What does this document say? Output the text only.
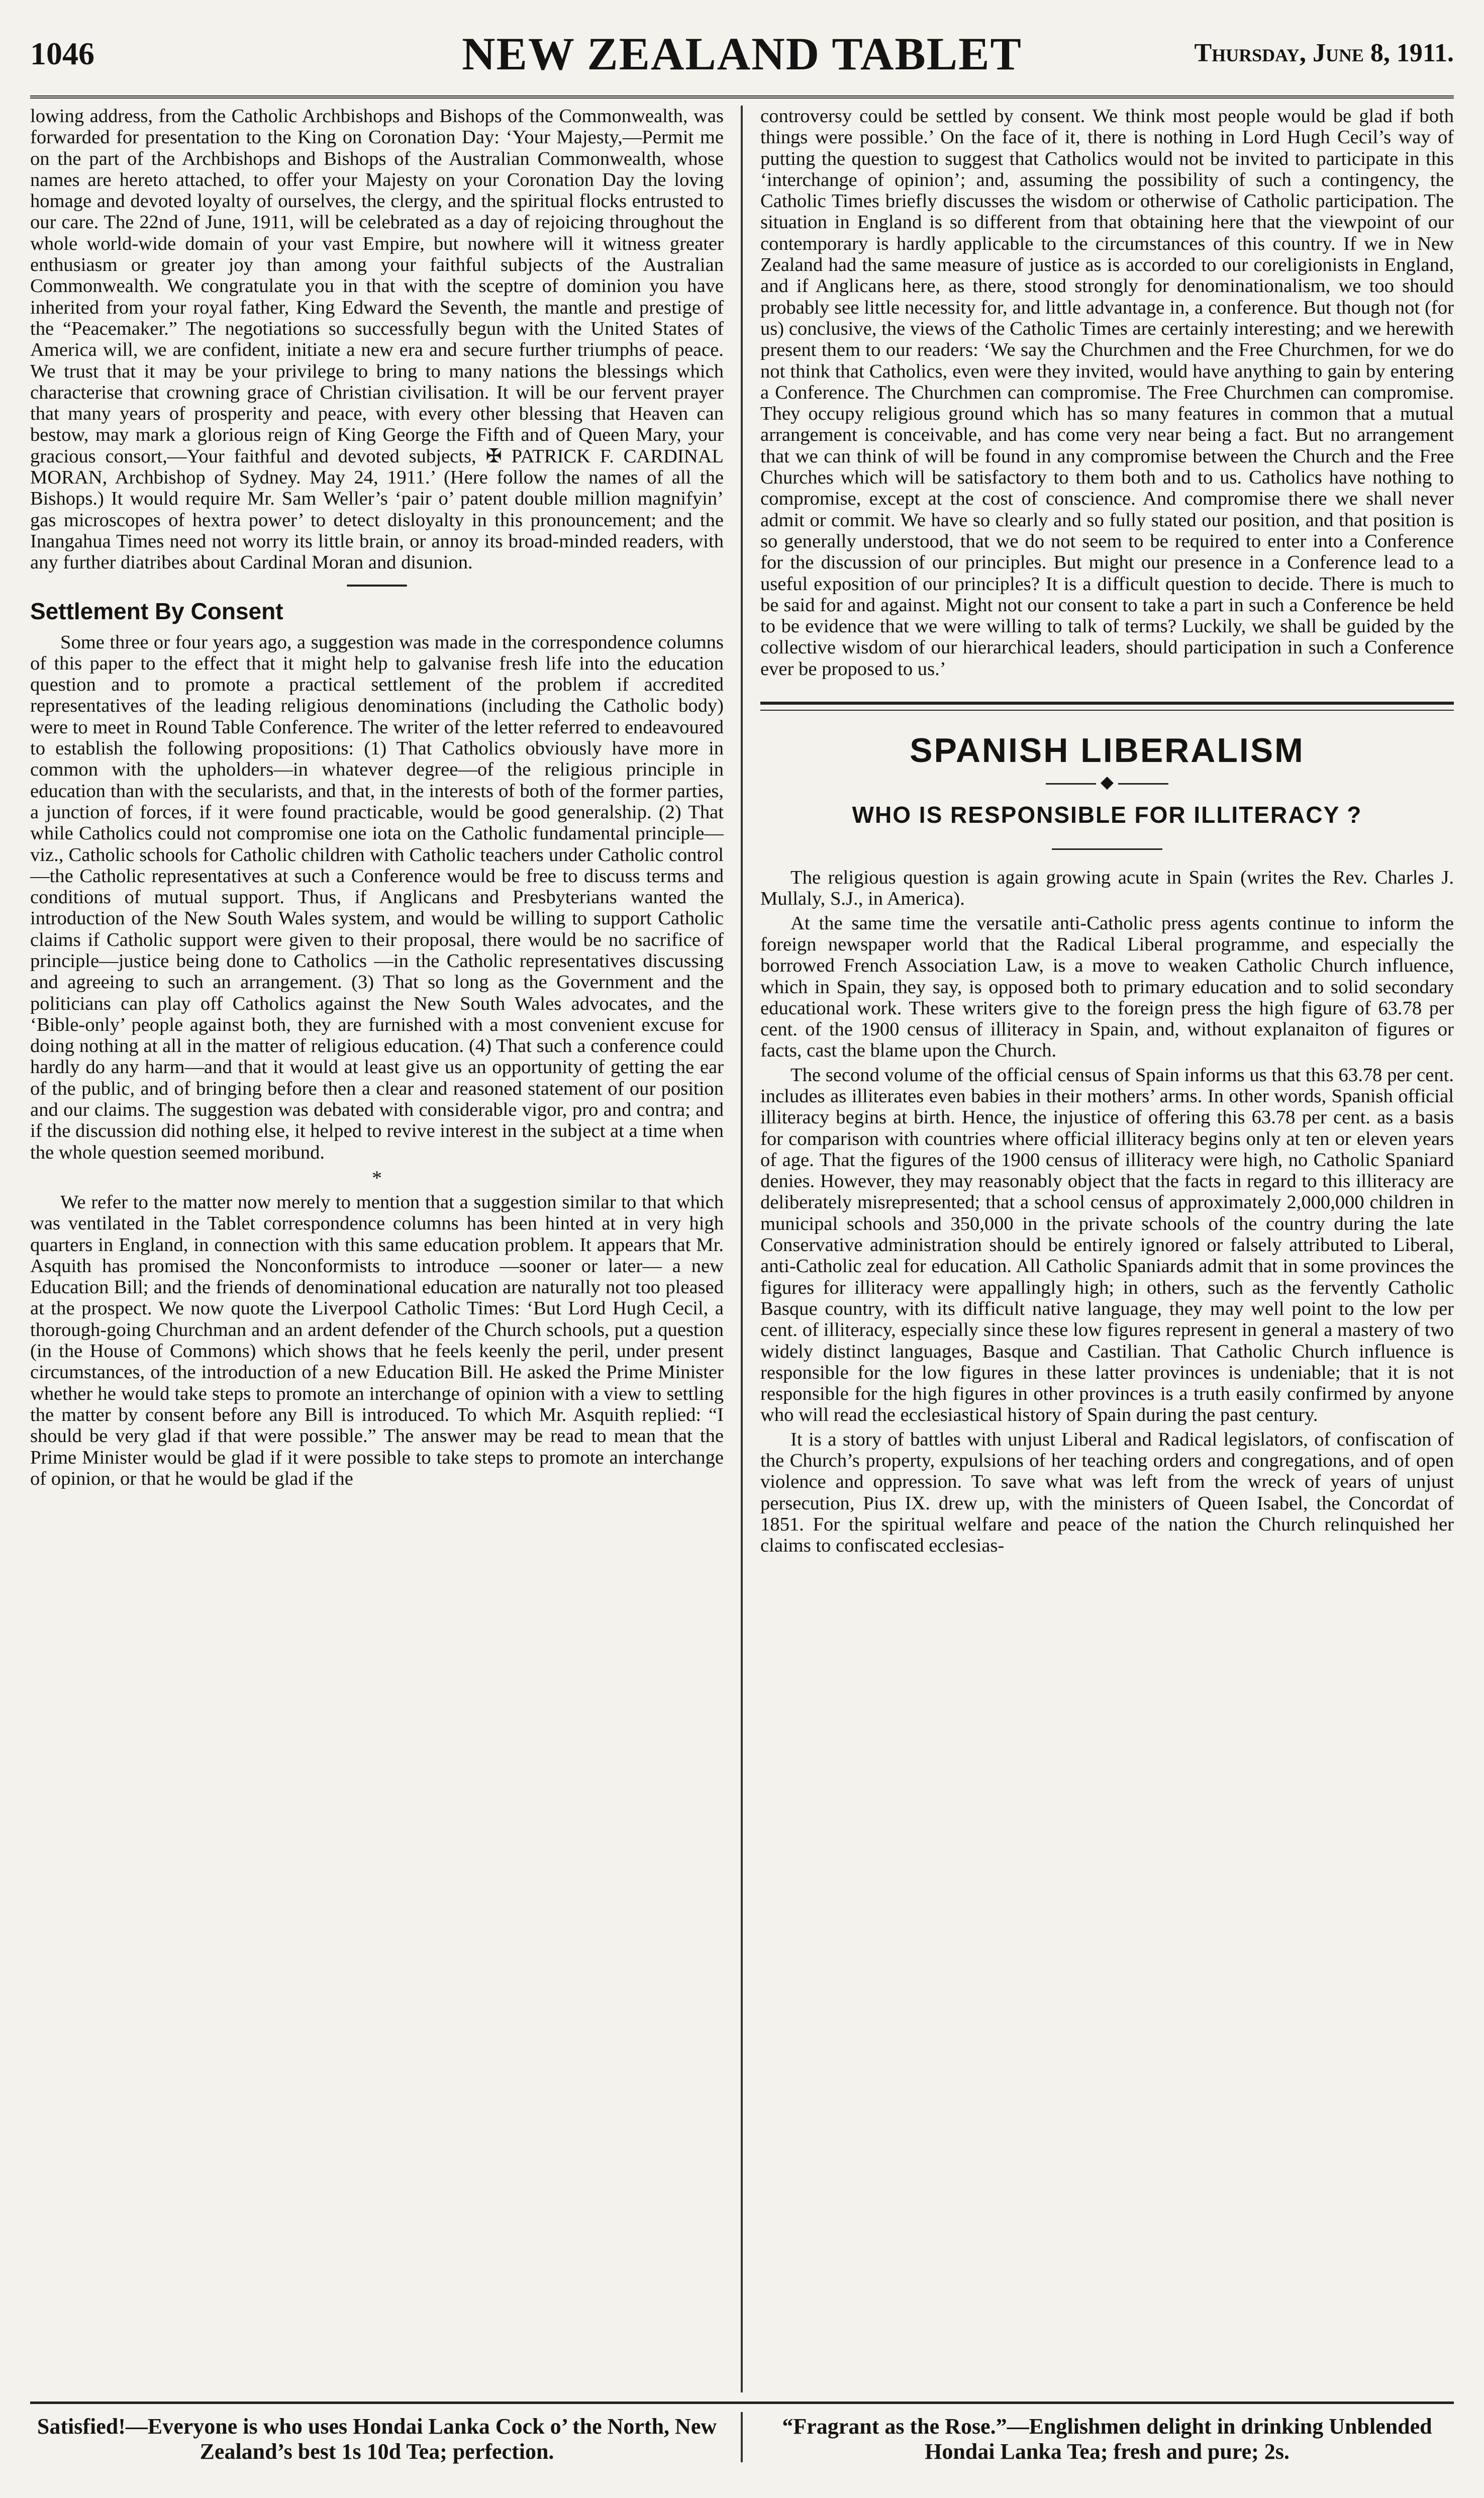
1046	NEW ZEALAND TABLET	Thursday, June 8, 1911.

lowing address, from the Catholic Archbishops and Bishops of the Commonwealth, was forwarded for presentation to the King on Coronation Day: ‘Your Majesty,—Permit me on the part of the Archbishops and Bishops of the Australian Commonwealth, whose names are hereto attached, to offer your Majesty on your Coronation Day the loving homage and devoted loyalty of ourselves, the clergy, and the spiritual flocks entrusted to our care. The 22nd of June, 1911, will be celebrated as a day of rejoicing throughout the whole world-wide domain of your vast Empire, but nowhere will it witness greater enthusiasm or greater joy than among your faithful subjects of the Australian Commonwealth. We congratulate you in that with the sceptre of dominion you have inherited from your royal father, King Edward the Seventh, the mantle and prestige of the “Peacemaker.” The negotiations so successfully begun with the United States of America will, we are confident, initiate a new era and secure further triumphs of peace. We trust that it may be your privilege to bring to many nations the blessings which characterise that crowning grace of Christian civilisation. It will be our fervent prayer that many years of prosperity and peace, with every other blessing that Heaven can bestow, may mark a glorious reign of King George the Fifth and of Queen Mary, your gracious consort,—Your faithful and devoted subjects, ✠ PATRICK F. CARDINAL MORAN, Archbishop of Sydney. May 24, 1911.’ (Here follow the names of all the Bishops.) It would require Mr. Sam Weller’s ‘pair o’ patent double million magnifyin’ gas microscopes of hextra power’ to detect disloyalty in this pronouncement; and the Inangahua Times need not worry its little brain, or annoy its broad-minded readers, with any further diatribes about Cardinal Moran and disunion.

Settlement By Consent

Some three or four years ago, a suggestion was made in the correspondence columns of this paper to the effect that it might help to galvanise fresh life into the education question and to promote a practical settlement of the problem if accredited representatives of the leading religious denominations (including the Catholic body) were to meet in Round Table Conference. The writer of the letter referred to endeavoured to establish the following propositions: (1) That Catholics obviously have more in common with the upholders—in whatever degree—of the religious principle in education than with the secularists, and that, in the interests of both of the former parties, a junction of forces, if it were found practicable, would be good generalship. (2) That while Catholics could not compromise one iota on the Catholic fundamental principle—viz., Catholic schools for Catholic children with Catholic teachers under Catholic control—the Catholic representatives at such a Conference would be free to discuss terms and conditions of mutual support. Thus, if Anglicans and Presbyterians wanted the introduction of the New South Wales system, and would be willing to support Catholic claims if Catholic support were given to their proposal, there would be no sacrifice of principle—justice being done to Catholics —in the Catholic representatives discussing and agreeing to such an arrangement. (3) That so long as the Government and the politicians can play off Catholics against the New South Wales advocates, and the ‘Bible-only’ people against both, they are furnished with a most convenient excuse for doing nothing at all in the matter of religious education. (4) That such a conference could hardly do any harm—and that it would at least give us an opportunity of getting the ear of the public, and of bringing before then a clear and reasoned statement of our position and our claims. The suggestion was debated with considerable vigor, pro and contra; and if the discussion did nothing else, it helped to revive interest in the subject at a time when the whole question seemed moribund.

*

We refer to the matter now merely to mention that a suggestion similar to that which was ventilated in the Tablet correspondence columns has been hinted at in very high quarters in England, in connection with this same education problem. It appears that Mr. Asquith has promised the Nonconformists to introduce —sooner or later— a new Education Bill; and the friends of denominational education are naturally not too pleased at the prospect. We now quote the Liverpool Catholic Times: ‘But Lord Hugh Cecil, a thorough-going Churchman and an ardent defender of the Church schools, put a question (in the House of Commons) which shows that he feels keenly the peril, under present circumstances, of the introduction of a new Education Bill. He asked the Prime Minister whether he would take steps to promote an interchange of opinion with a view to settling the matter by consent before any Bill is introduced. To which Mr. Asquith replied: “I should be very glad if that were possible.” The answer may be read to mean that the Prime Minister would be glad if it were possible to take steps to promote an interchange of opinion, or that he would be glad if the

controversy could be settled by consent. We think most people would be glad if both things were possible.’ On the face of it, there is nothing in Lord Hugh Cecil’s way of putting the question to suggest that Catholics would not be invited to participate in this ‘interchange of opinion’; and, assuming the possibility of such a contingency, the Catholic Times briefly discusses the wisdom or otherwise of Catholic participation. The situation in England is so different from that obtaining here that the viewpoint of our contemporary is hardly applicable to the circumstances of this country. If we in New Zealand had the same measure of justice as is accorded to our coreligionists in England, and if Anglicans here, as there, stood strongly for denominationalism, we too should probably see little necessity for, and little advantage in, a conference. But though not (for us) conclusive, the views of the Catholic Times are certainly interesting; and we herewith present them to our readers: ‘We say the Churchmen and the Free Churchmen, for we do not think that Catholics, even were they invited, would have anything to gain by entering a Conference. The Churchmen can compromise. The Free Churchmen can compromise. They occupy religious ground which has so many features in common that a mutual arrangement is conceivable, and has come very near being a fact. But no arrangement that we can think of will be found in any compromise between the Church and the Free Churches which will be satisfactory to them both and to us. Catholics have nothing to compromise, except at the cost of conscience. And compromise there we shall never admit or commit. We have so clearly and so fully stated our position, and that position is so generally understood, that we do not seem to be required to enter into a Conference for the discussion of our principles. But might our presence in a Conference lead to a useful exposition of our principles? It is a difficult question to decide. There is much to be said for and against. Might not our consent to take a part in such a Conference be held to be evidence that we were willing to talk of terms? Luckily, we shall be guided by the collective wisdom of our hierarchical leaders, should participation in such a Conference ever be proposed to us.’

SPANISH LIBERALISM
◆
WHO IS RESPONSIBLE FOR ILLITERACY ?

The religious question is again growing acute in Spain (writes the Rev. Charles J. Mullaly, S.J., in America).

At the same time the versatile anti-Catholic press agents continue to inform the foreign newspaper world that the Radical Liberal programme, and especially the borrowed French Association Law, is a move to weaken Catholic Church influence, which in Spain, they say, is opposed both to primary education and to solid secondary educational work. These writers give to the foreign press the high figure of 63.78 per cent. of the 1900 census of illiteracy in Spain, and, without explanaiton of figures or facts, cast the blame upon the Church.

The second volume of the official census of Spain informs us that this 63.78 per cent. includes as illiterates even babies in their mothers’ arms. In other words, Spanish official illiteracy begins at birth. Hence, the injustice of offering this 63.78 per cent. as a basis for comparison with countries where official illiteracy begins only at ten or eleven years of age. That the figures of the 1900 census of illiteracy were high, no Catholic Spaniard denies. However, they may reasonably object that the facts in regard to this illiteracy are deliberately misrepresented; that a school census of approximately 2,000,000 children in municipal schools and 350,000 in the private schools of the country during the late Conservative administration should be entirely ignored or falsely attributed to Liberal, anti-Catholic zeal for education. All Catholic Spaniards admit that in some provinces the figures for illiteracy were appallingly high; in others, such as the fervently Catholic Basque country, with its difficult native language, they may well point to the low per cent. of illiteracy, especially since these low figures represent in general a mastery of two widely distinct languages, Basque and Castilian. That Catholic Church influence is responsible for the low figures in these latter provinces is undeniable; that it is not responsible for the high figures in other provinces is a truth easily confirmed by anyone who will read the ecclesiastical history of Spain during the past century.

It is a story of battles with unjust Liberal and Radical legislators, of confiscation of the Church’s property, expulsions of her teaching orders and congregations, and of open violence and oppression. To save what was left from the wreck of years of unjust persecution, Pius IX. drew up, with the ministers of Queen Isabel, the Concordat of 1851. For the spiritual welfare and peace of the nation the Church relinquished her claims to confiscated ecclesias-

Satisfied!—Everyone is who uses Hondai Lanka Cock o’ the North, New Zealand’s best 1s 10d Tea; perfection.
“Fragrant as the Rose.”—Englishmen delight in drinking Unblended Hondai Lanka Tea; fresh and pure; 2s.
